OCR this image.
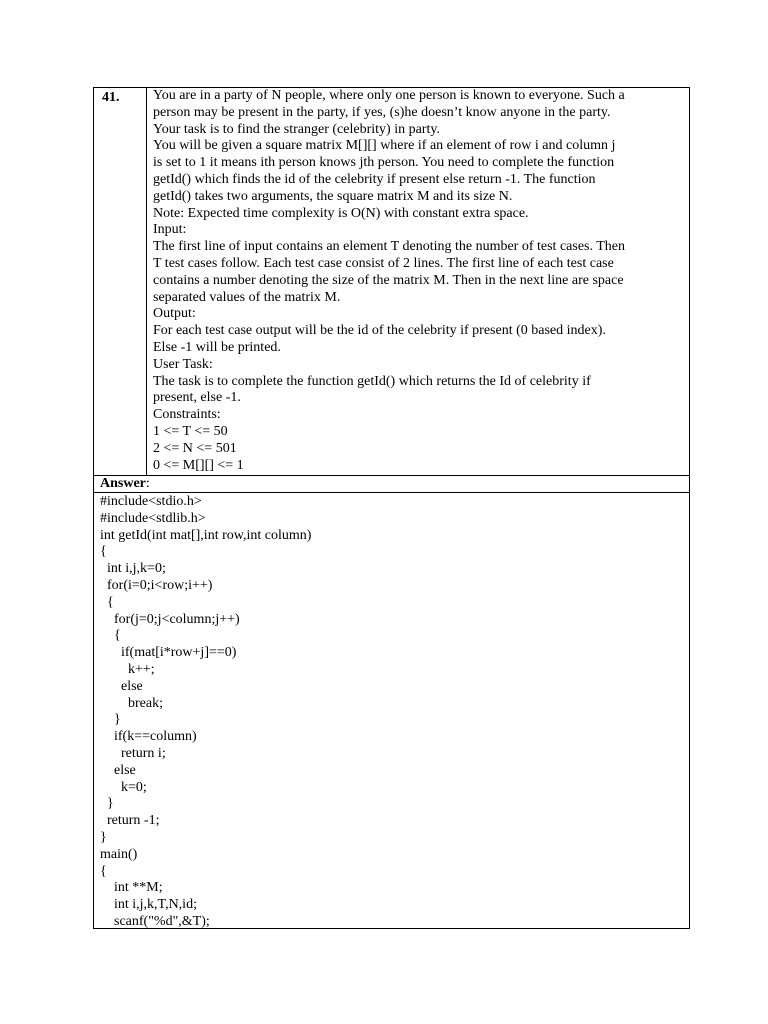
41.	You are in a party of N people, where only one person is known to everyone. Such a

person may be present in the party, if yes, (s)he doesn’t know anyone in the party.

Your task is to find the stranger (celebrity) in party.

You will be given a square matrix M[][] where if an element of row i and column j

is set to 1 it means ith person knows jth person. You need to complete the function

getId() which finds the id of the celebrity if present else return -1. The function

getId() takes two arguments, the square matrix M and its size N.

Note: Expected time complexity is O(N) with constant extra space.

Input:

The first line of input contains an element T denoting the number of test cases. Then

T test cases follow. Each test case consist of 2 lines. The first line of each test case

contains a number denoting the size of the matrix M. Then in the next line are space

separated values of the matrix M.

Output:

For each test case output will be the id of the celebrity if present (0 based index).

Else -1 will be printed.

User Task:

The task is to complete the function getId() which returns the Id of celebrity if

present, else -1.

Constraints:

1 <= T <= 50

2 <= N <= 501

0 <= M[][] <= 1

Answer:
#include<stdio.h>
#include<stdlib.h>
int getId(int mat[],int row,int column)
{
int i,j,k=0;
for(i=0;i<row;i++)
{
for(j=0;j<column;j++)
{
if(mat[i*row+j]==0)
k++;
else
break;
}
if(k==column)
return i;
else
k=0;
}
return -1;
}
main()
{
int **M;
int i,j,k,T,N,id;
scanf("%d",&T);
